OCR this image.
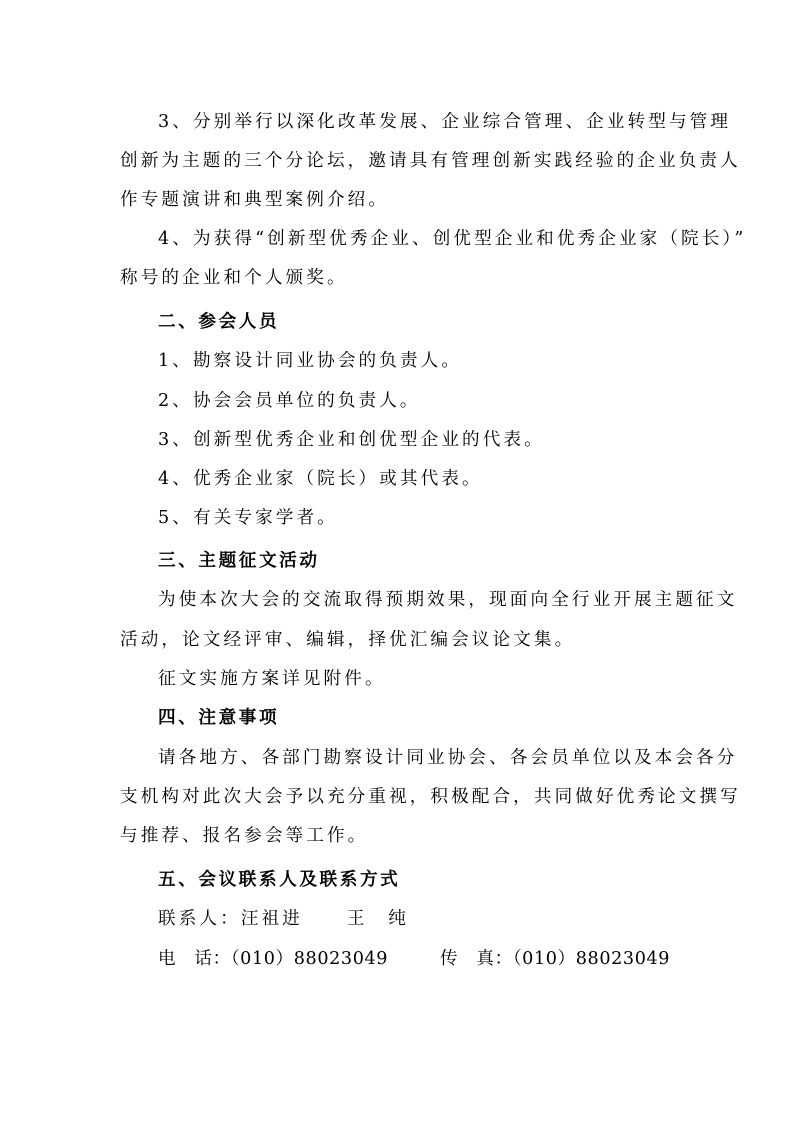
3、分别举行以深化改革发展、企业综合管理、企业转型与管理
创新为主题的三个分论坛，邀请具有管理创新实践经验的企业负责人
作专题演讲和典型案例介绍。
4、为获得“创新型优秀企业、创优型企业和优秀企业家（院长）”
称号的企业和个人颁奖。
二、参会人员
1、勘察设计同业协会的负责人。
2、协会会员单位的负责人。
3、创新型优秀企业和创优型企业的代表。
4、优秀企业家（院长）或其代表。
5、有关专家学者。
三、主题征文活动
为使本次大会的交流取得预期效果，现面向全行业开展主题征文
活动，论文经评审、编辑，择优汇编会议论文集。
征文实施方案详见附件。
四、注意事项
请各地方、各部门勘察设计同业协会、各会员单位以及本会各分
支机构对此次大会予以充分重视，积极配合，共同做好优秀论文撰写
与推荐、报名参会等工作。
五、会议联系人及联系方式
联系人：汪祖进	王　纯
电　话：（010）88023049	传　真：（010）88023049
